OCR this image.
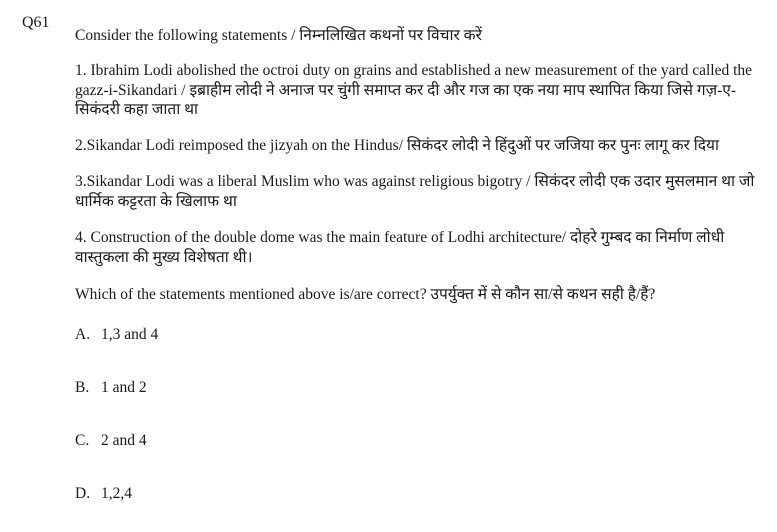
Q61
Consider the following statements / निम्नलिखित कथनों पर विचार करें
1. Ibrahim Lodi abolished the octroi duty on grains and established a new measurement of the yard called the gazz-i-Sikandari / इब्राहीम लोदी ने अनाज पर चुंगी समाप्त कर दी और गज का एक नया माप स्थापित किया जिसे गज़-ए-सिकंदरी कहा जाता था
2.Sikandar Lodi reimposed the jizyah on the Hindus/ सिकंदर लोदी ने हिंदुओं पर जजिया कर पुनः लागू कर दिया
3.Sikandar Lodi was a liberal Muslim who was against religious bigotry / सिकंदर लोदी एक उदार मुसलमान था जो धार्मिक कट्टरता के खिलाफ था
4. Construction of the double dome was the main feature of Lodhi architecture/ दोहरे गुम्बद का निर्माण लोधी वास्तुकला की मुख्य विशेषता थी।
Which of the statements mentioned above is/are correct? उपर्युक्त में से कौन सा/से कथन सही है/हैं?
A. 1,3 and 4
B. 1 and 2
C. 2 and 4
D. 1,2,4
